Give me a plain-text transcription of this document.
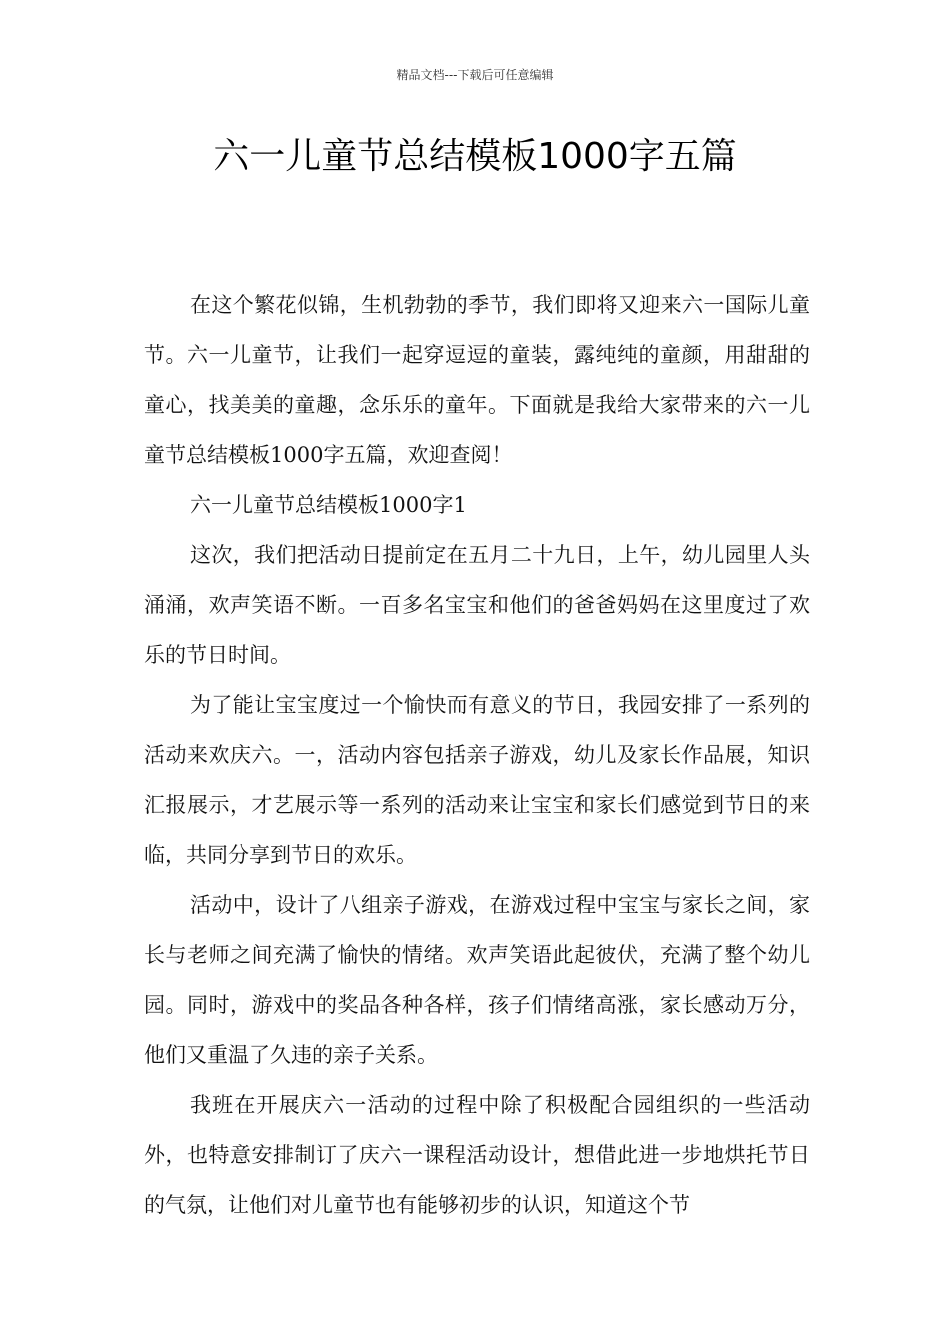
精品文档---下载后可任意编辑
六一儿童节总结模板1000字五篇

在这个繁花似锦，生机勃勃的季节，我们即将又迎来六一国际儿童节。六一儿童节，让我们一起穿逗逗的童装，露纯纯的童颜，用甜甜的童心，找美美的童趣，念乐乐的童年。下面就是我给大家带来的六一儿童节总结模板1000字五篇，欢迎查阅！

六一儿童节总结模板1000字1

这次，我们把活动日提前定在五月二十九日，上午，幼儿园里人头涌涌，欢声笑语不断。一百多名宝宝和他们的爸爸妈妈在这里度过了欢乐的节日时间。

为了能让宝宝度过一个愉快而有意义的节日，我园安排了一系列的活动来欢庆六。一，活动内容包括亲子游戏，幼儿及家长作品展，知识汇报展示，才艺展示等一系列的活动来让宝宝和家长们感觉到节日的来临，共同分享到节日的欢乐。

活动中，设计了八组亲子游戏，在游戏过程中宝宝与家长之间，家长与老师之间充满了愉快的情绪。欢声笑语此起彼伏，充满了整个幼儿园。同时，游戏中的奖品各种各样，孩子们情绪高涨，家长感动万分，他们又重温了久违的亲子关系。

我班在开展庆六一活动的过程中除了积极配合园组织的一些活动外，也特意安排制订了庆六一课程活动设计，想借此进一步地烘托节日的气氛，让他们对儿童节也有能够初步的认识，知道这个节
